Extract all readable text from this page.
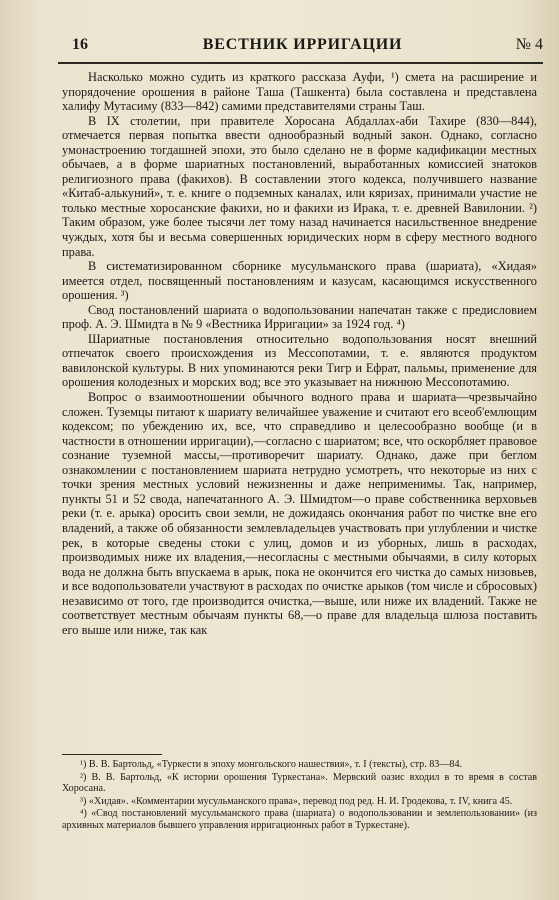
16	ВЕСТНИК ИРРИГАЦИИ	№ 4

Насколько можно судить из краткого рассказа Ауфи, ¹) смета на расширение и упорядочение орошения в районе Таша (Ташкента) была составлена и представлена халифу Мутасиму (833—842) самими представителями страны Таш.

В IX столетии, при правителе Хоросана Абдаллах-аби Тахире (830—844), отмечается первая попытка ввести однообразный водный закон. Однако, согласно умонастроению тогдашней эпохи, это было сделано не в форме кадификации местных обычаев, а в форме шариатных постановлений, выработанных комиссией знатоков религиозного права (факихов). В составлении этого кодекса, получившего название «Китаб-алькуний», т. е. книге о подземных каналах, или кяризах, принимали участие не только местные хоросанские факихи, но и факихи из Ирака, т. е. древней Вавилонии. ²) Таким образом, уже более тысячи лет тому назад начинается насильственное внедрение чуждых, хотя бы и весьма совершенных юридических норм в сферу местного водного права.

В систематизированном сборнике мусульманского права (шариата), «Хидая» имеется отдел, посвященный постановлениям и казусам, касающимся искусственного орошения. ³)

Свод постановлений шариата о водопользовании напечатан также с предисловием проф. А. Э. Шмидта в № 9 «Вестника Ирригации» за 1924 год. ⁴)

Шариатные постановления относительно водопользования носят внешний отпечаток своего происхождения из Мессопотамии, т. е. являются продуктом вавилонской культуры. В них упоминаются реки Тигр и Ефрат, пальмы, применение для орошения колодезных и морских вод; все это указывает на нижнюю Мессопотамию.

Вопрос о взаимоотношении обычного водного права и шариата—чрезвычайно сложен. Туземцы питают к шариату величайшее уважение и считают его всеоб'емлющим кодексом; по убеждению их, все, что справедливо и целесообразно вообще (и в частности в отношении ирригации),—согласно с шариатом; все, что оскорбляет правовое сознание туземной массы,—противоречит шариату. Однако, даже при беглом ознакомлении с постановлением шариата нетрудно усмотреть, что некоторые из них с точки зрения местных условий нежизненны и даже неприменимы. Так, например, пункты 51 и 52 свода, напечатанного А. Э. Шмидтом—о праве собственника верховьев реки (т. е. арыка) оросить свои земли, не дожидаясь окончания работ по чистке вне его владений, а также об обязанности землевладельцев участвовать при углублении и чистке рек, в которые сведены стоки с улиц, домов и из уборных, лишь в расходах, производимых ниже их владения,—несогласны с местными обычаями, в силу которых вода не должна быть впускаема в арык, пока не окончится его чистка до самых низовьев, и все водопользователи участвуют в расходах по очистке арыков (том числе и сбросовых) независимо от того, где производится очистка,—выше, или ниже их владений. Также не соответствует местным обычаям пункты 68,—о праве для владельца шлюза поставить его выше или ниже, так как

¹) В. В. Бартольд, «Туркести в эпоху монгольского нашествия», т. I (тексты), стр. 83—84.

²) В. В. Бартольд, «К истории орошения Туркестана». Мервский оазис входил в то время в состав Хоросана.

³) «Хидая». «Комментарии мусульманского права», перевод под ред. Н. И. Гродекова, т. IV, книга 45.

⁴) «Свод постановлений мусульманского права (шариата) о водопользовании и землепользовании» (из архивных материалов бывшего управления ирригационных работ в Туркестане).
